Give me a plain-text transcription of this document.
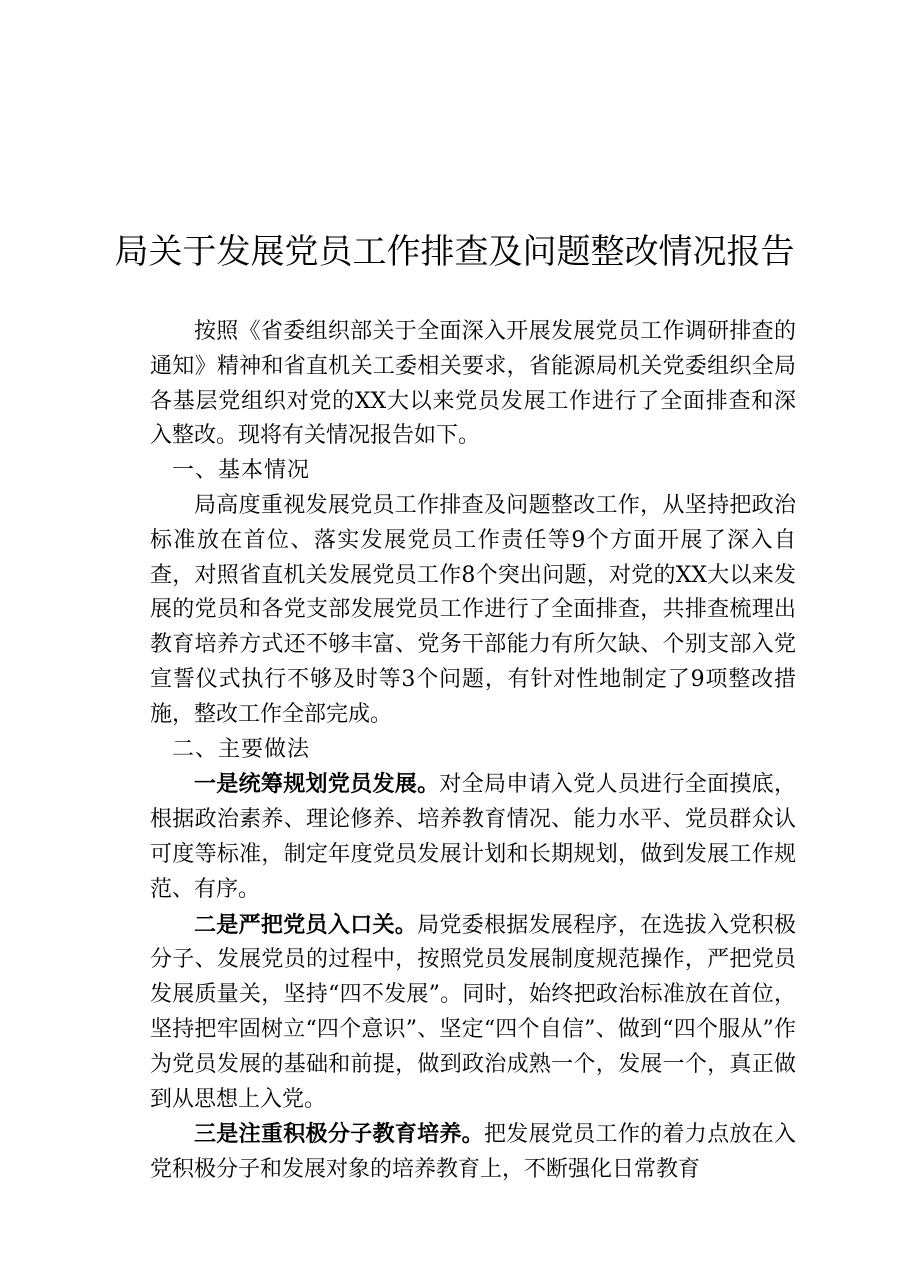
局关于发展党员工作排查及问题整改情况报告

按照《省委组织部关于全面深入开展发展党员工作调研排查的通知》精神和省直机关工委相关要求，省能源局机关党委组织全局各基层党组织对党的XX大以来党员发展工作进行了全面排查和深入整改。现将有关情况报告如下。

一、基本情况

局高度重视发展党员工作排查及问题整改工作，从坚持把政治标准放在首位、落实发展党员工作责任等9个方面开展了深入自查，对照省直机关发展党员工作8个突出问题，对党的XX大以来发展的党员和各党支部发展党员工作进行了全面排查，共排查梳理出教育培养方式还不够丰富、党务干部能力有所欠缺、个别支部入党宣誓仪式执行不够及时等3个问题，有针对性地制定了9项整改措施，整改工作全部完成。

二、主要做法

一是统筹规划党员发展。对全局申请入党人员进行全面摸底，根据政治素养、理论修养、培养教育情况、能力水平、党员群众认可度等标准，制定年度党员发展计划和长期规划，做到发展工作规范、有序。

二是严把党员入口关。局党委根据发展程序，在选拔入党积极分子、发展党员的过程中，按照党员发展制度规范操作，严把党员发展质量关，坚持“四不发展”。同时，始终把政治标准放在首位，坚持把牢固树立“四个意识”、坚定“四个自信”、做到“四个服从”作为党员发展的基础和前提，做到政治成熟一个，发展一个，真正做到从思想上入党。

三是注重积极分子教育培养。把发展党员工作的着力点放在入党积极分子和发展对象的培养教育上，不断强化日常教育
